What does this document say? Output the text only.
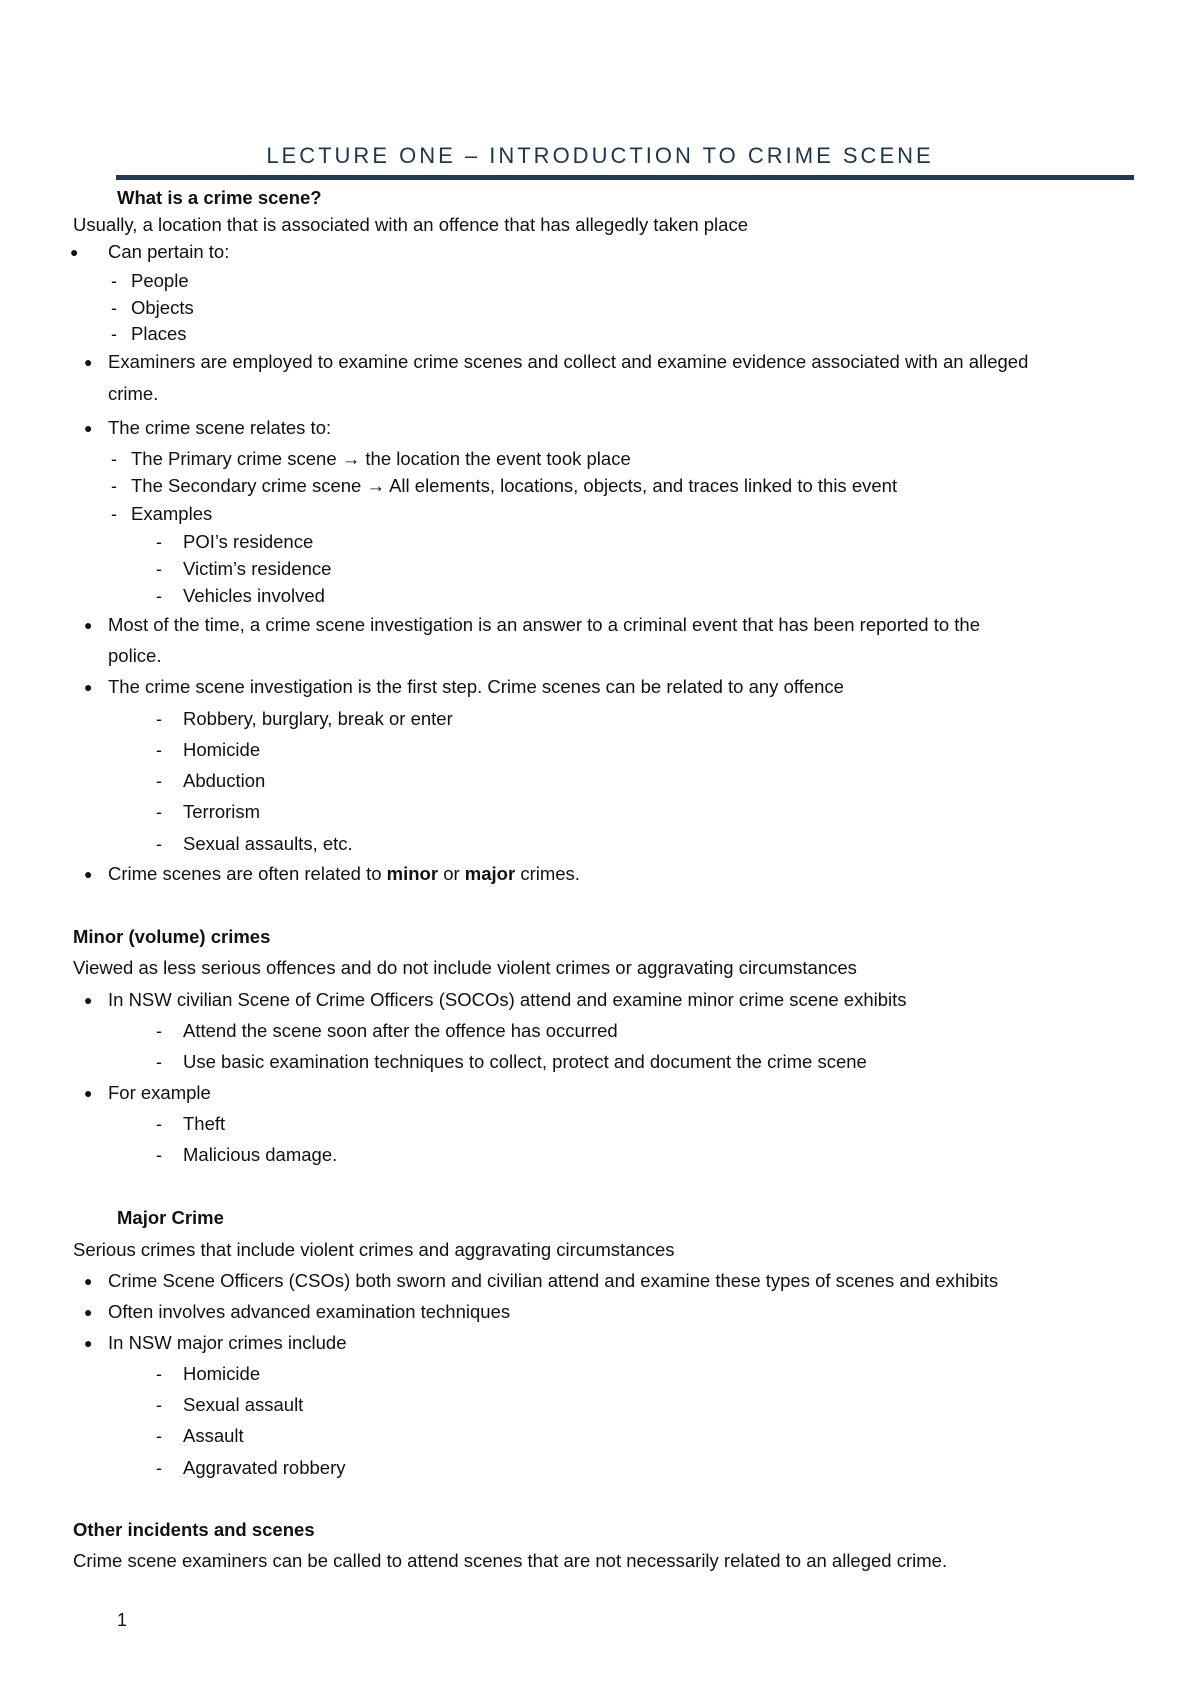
LECTURE ONE – INTRODUCTION TO CRIME SCENE
What is a crime scene?
Usually, a location that is associated with an offence that has allegedly taken place
● Can pertain to:
- People
- Objects
- Places
● Examiners are employed to examine crime scenes and collect and examine evidence associated with an alleged
crime.
● The crime scene relates to:
- The Primary crime scene → the location the event took place
- The Secondary crime scene → All elements, locations, objects, and traces linked to this event
- Examples
- POI’s residence
- Victim’s residence
- Vehicles involved
● Most of the time, a crime scene investigation is an answer to a criminal event that has been reported to the
police.
● The crime scene investigation is the first step. Crime scenes can be related to any offence
- Robbery, burglary, break or enter
- Homicide
- Abduction
- Terrorism
- Sexual assaults, etc.
● Crime scenes are often related to minor or major crimes.
Minor (volume) crimes
Viewed as less serious offences and do not include violent crimes or aggravating circumstances
● In NSW civilian Scene of Crime Officers (SOCOs) attend and examine minor crime scene exhibits
- Attend the scene soon after the offence has occurred
- Use basic examination techniques to collect, protect and document the crime scene
● For example
- Theft
- Malicious damage.
Major Crime
Serious crimes that include violent crimes and aggravating circumstances
● Crime Scene Officers (CSOs) both sworn and civilian attend and examine these types of scenes and exhibits
● Often involves advanced examination techniques
● In NSW major crimes include
- Homicide
- Sexual assault
- Assault
- Aggravated robbery
Other incidents and scenes
Crime scene examiners can be called to attend scenes that are not necessarily related to an alleged crime.
1
